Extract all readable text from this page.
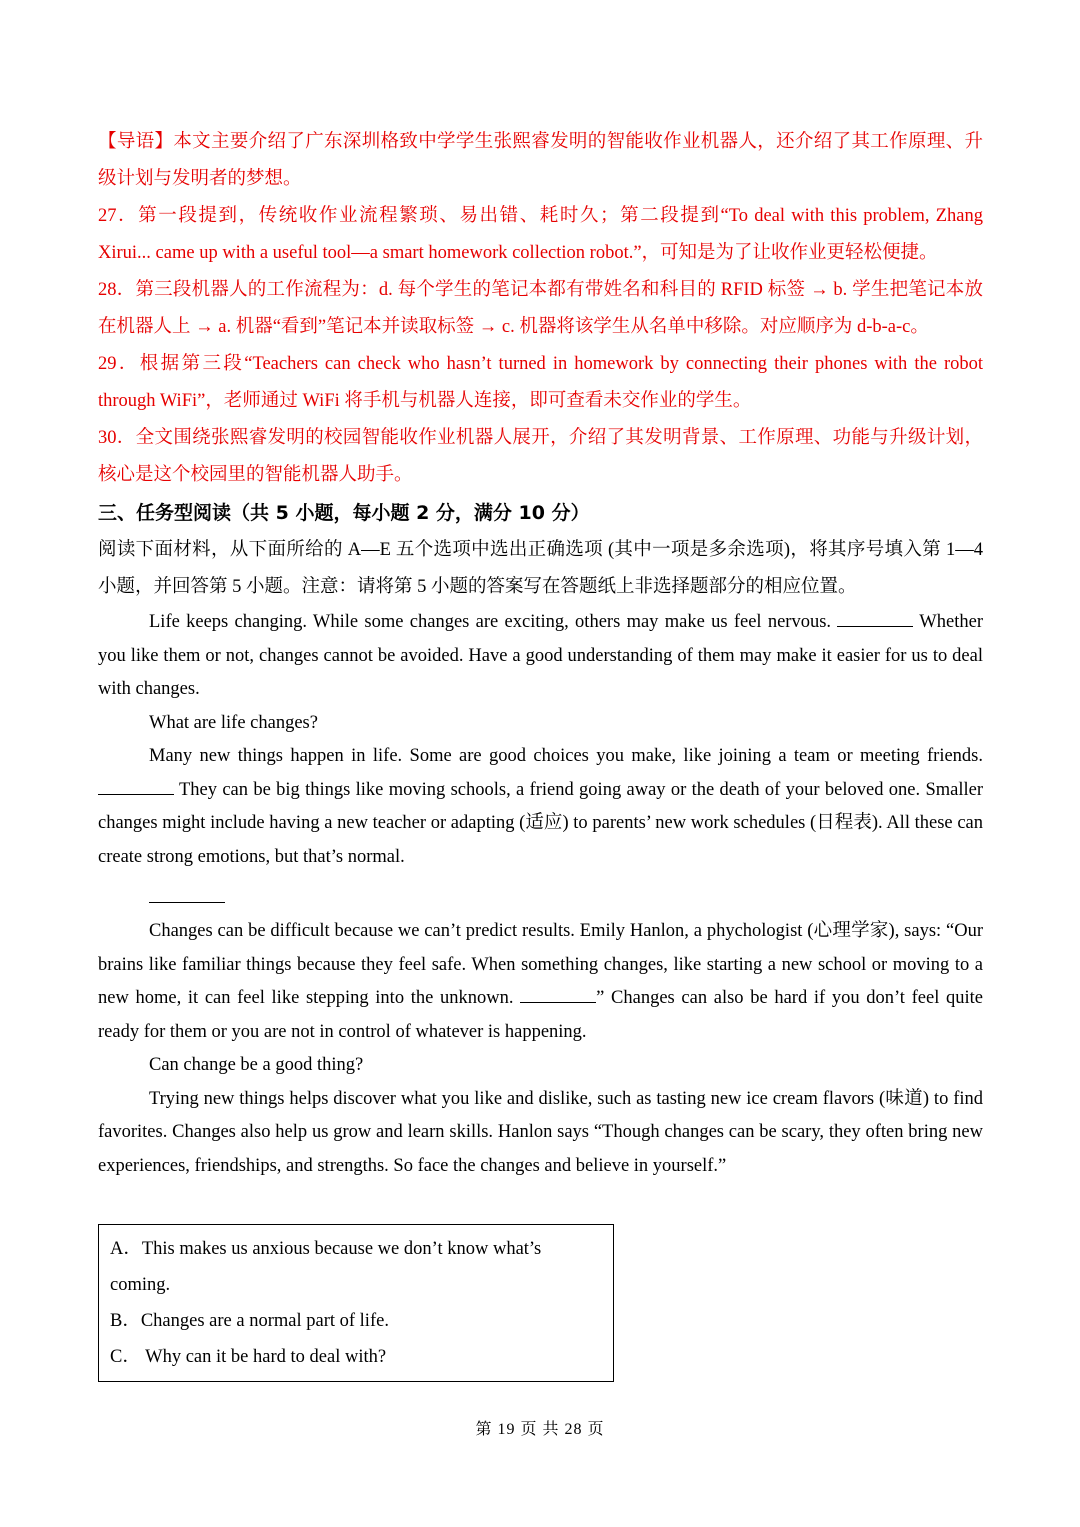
【导语】本文主要介绍了广东深圳格致中学学生张熙睿发明的智能收作业机器人，还介绍了其工作原理、升级计划与发明者的梦想。

27．第一段提到，传统收作业流程繁琐、易出错、耗时久；第二段提到“To deal with this problem, Zhang Xirui... came up with a useful tool—a smart homework collection robot.”，可知是为了让收作业更轻松便捷。

28．第三段机器人的工作流程为：d. 每个学生的笔记本都有带姓名和科目的 RFID 标签 → b. 学生把笔记本放在机器人上 → a. 机器“看到”笔记本并读取标签 → c. 机器将该学生从名单中移除。对应顺序为 d-b-a-c。

29．根据第三段“Teachers can check who hasn’t turned in homework by connecting their phones with the robot through WiFi”，老师通过 WiFi 将手机与机器人连接，即可查看未交作业的学生。

30．全文围绕张熙睿发明的校园智能收作业机器人展开，介绍了其发明背景、工作原理、功能与升级计划，核心是这个校园里的智能机器人助手。

三、任务型阅读（共 5 小题，每小题 2 分，满分 10 分）

阅读下面材料，从下面所给的 A—E 五个选项中选出正确选项 (其中一项是多余选项)，将其序号填入第 1—4 小题，并回答第 5 小题。注意：请将第 5 小题的答案写在答题纸上非选择题部分的相应位置。

Life keeps changing. While some changes are exciting, others may make us feel nervous.	Whether you like them or not, changes cannot be avoided. Have a good understanding of them may make it easier for us to deal with changes.

What are life changes?

Many new things happen in life. Some are good choices you make, like joining a team or meeting friends.  They can be big things like moving schools, a friend going away or the death of your beloved one. Smaller changes might include having a new teacher or adapting (适应) to parents’ new work schedules (日程表). All these can create strong emotions, but that’s normal.

Changes can be difficult because we can’t predict results. Emily Hanlon, a phychologist (心理学家), says: “Our brains like familiar things because they feel safe. When something changes, like starting a new school or moving to a new home, it can feel like stepping into the unknown.	” Changes can also be hard if you don’t feel quite ready for them or you are not in control of whatever is happening.

Can change be a good thing?

Trying new things helps discover what you like and dislike, such as tasting new ice cream flavors (味道) to find favorites. Changes also help us grow and learn skills. Hanlon says “Though changes can be scary, they often bring new experiences, friendships, and strengths. So face the changes and believe in yourself.”

A．This makes us anxious because we don’t know what’s coming.

B．Changes are a normal part of life.

C． Why can it be hard to deal with?

第 19 页 共 28 页
